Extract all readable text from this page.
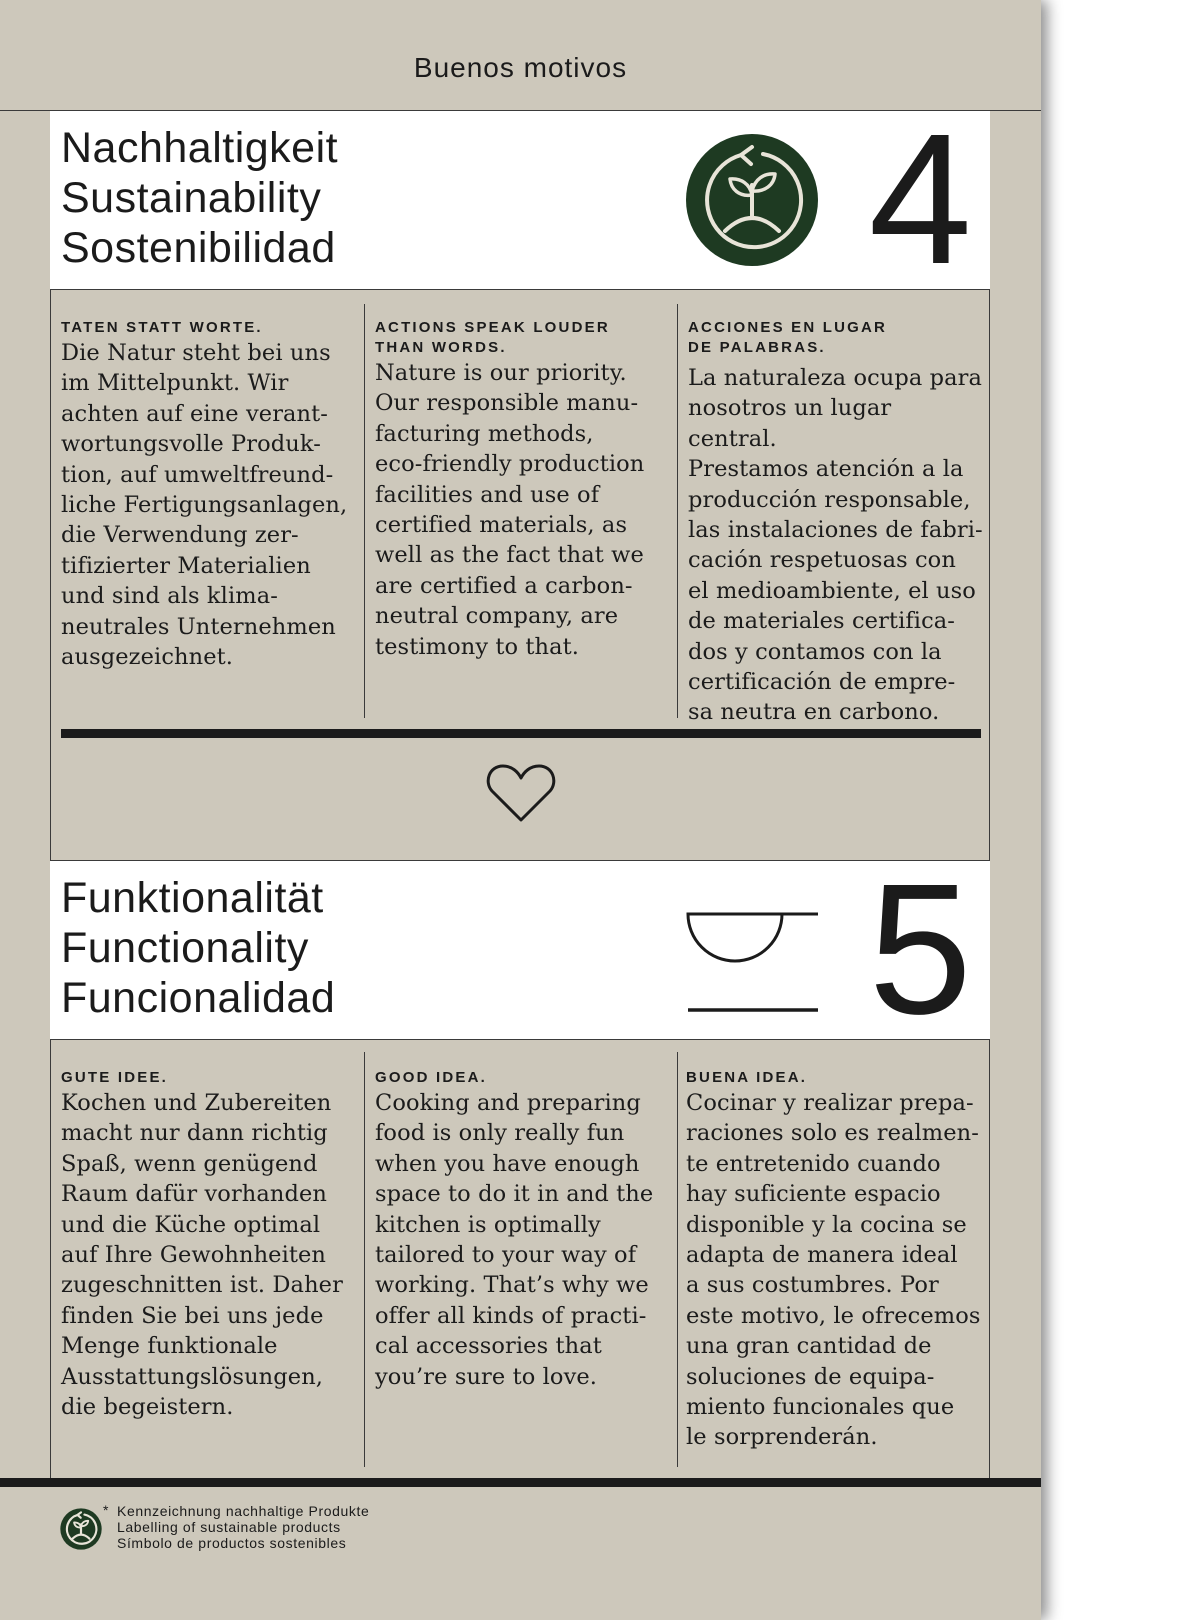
Buenos motivos
Nachhaltigkeit
Sustainability
Sostenibilidad	4
TATEN STATT WORTE.
Die Natur steht bei uns
im Mittelpunkt. Wir
achten auf eine verant-
wortungsvolle Produk-
tion, auf umweltfreund-
liche Fertigungsanlagen,
die Verwendung zer-
tifizierter Materialien
und sind als klima-
neutrales Unternehmen
ausgezeichnet.
ACTIONS SPEAK LOUDER
THAN WORDS.
Nature is our priority.
Our responsible manu-
facturing methods,
eco-friendly production
facilities and use of
certified materials, as
well as the fact that we
are certified a carbon-
neutral company, are
testimony to that.
ACCIONES EN LUGAR
DE PALABRAS.
La naturaleza ocupa para
nosotros un lugar central.
Prestamos atención a la
producción responsable,
las instalaciones de fabri-
cación respetuosas con
el medioambiente, el uso
de materiales certifica-
dos y contamos con la
certificación de empre-
sa neutra en carbono.
Funktionalität
Functionality
Funcionalidad	5
GUTE IDEE.
Kochen und Zubereiten
macht nur dann richtig
Spaß, wenn genügend
Raum dafür vorhanden
und die Küche optimal
auf Ihre Gewohnheiten
zugeschnitten ist. Daher
finden Sie bei uns jede
Menge funktionale
Ausstattungslösungen,
die begeistern.
GOOD IDEA.
Cooking and preparing
food is only really fun
when you have enough
space to do it in and the
kitchen is optimally
tailored to your way of
working. That’s why we
offer all kinds of practi-
cal accessories that
you’re sure to love.
BUENA IDEA.
Cocinar y realizar prepa-
raciones solo es realmen-
te entretenido cuando
hay suficiente espacio
disponible y la cocina se
adapta de manera ideal
a sus costumbres. Por
este motivo, le ofrecemos
una gran cantidad de
soluciones de equipa-
miento funcionales que
le sorprenderán.
* Kennzeichnung nachhaltige Produkte
Labelling of sustainable products
Símbolo de productos sostenibles
